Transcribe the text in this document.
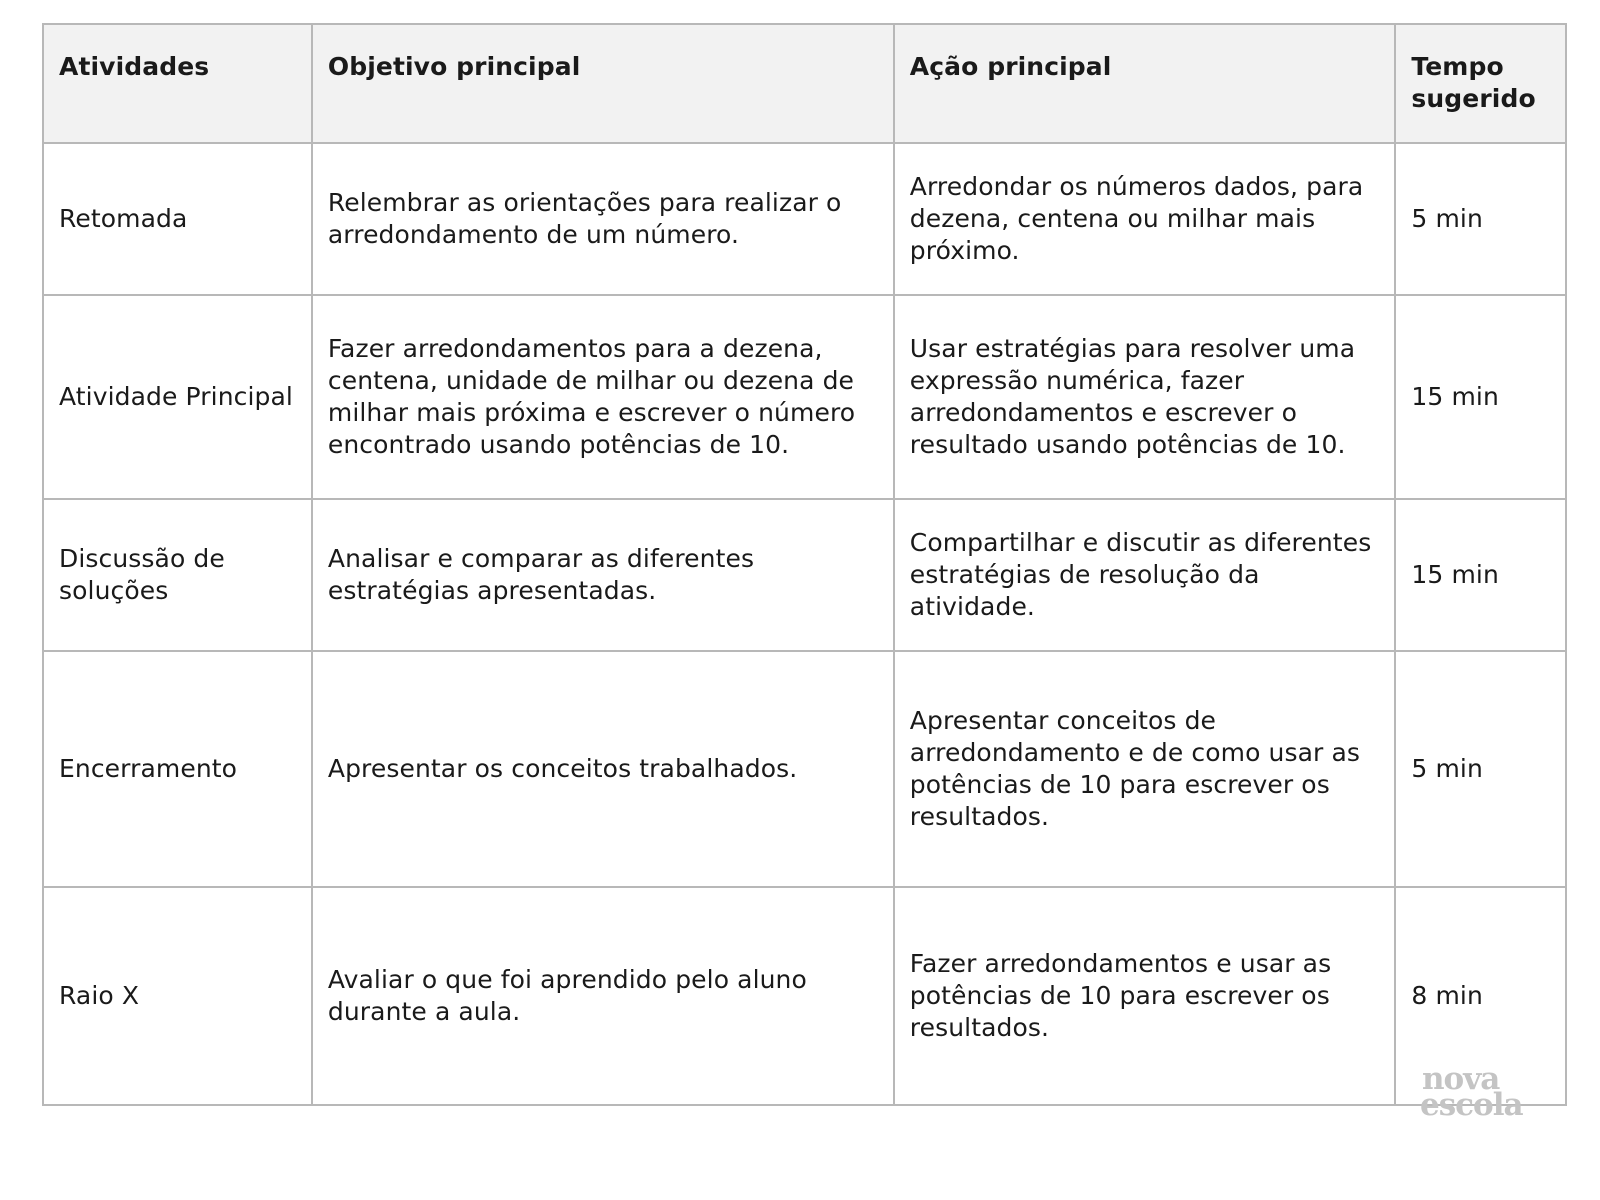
Atividades	Objetivo principal	Ação principal	Tempo sugerido
Retomada	Relembrar as orientações para realizar o arredondamento de um número.	Arredondar os números dados, para dezena, centena ou milhar mais próximo.	5 min
Atividade Principal	Fazer arredondamentos para a dezena, centena, unidade de milhar ou dezena de milhar mais próxima e escrever o número encontrado usando potências de 10.	Usar estratégias para resolver uma expressão numérica, fazer arredondamentos e escrever o resultado usando potências de 10.	15 min
Discussão de soluções	Analisar e comparar as diferentes estratégias apresentadas.	Compartilhar e discutir as diferentes estratégias de resolução da atividade.	15 min
Encerramento	Apresentar os conceitos trabalhados.	Apresentar conceitos de arredondamento e de como usar as potências de 10 para escrever os resultados.	5 min
Raio X	Avaliar o que foi aprendido pelo aluno durante a aula.	Fazer arredondamentos e usar as potências de 10 para escrever os resultados.	8 min
nova
escola
